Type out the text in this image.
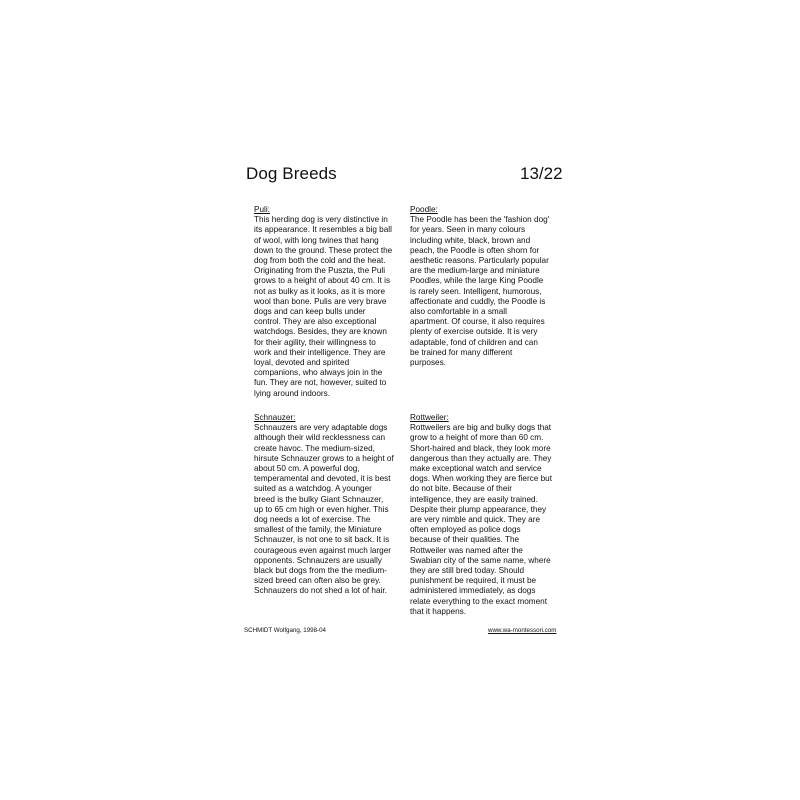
Dog Breeds	13/22
Puli:
This herding dog is very distinctive in
its appearance. It resembles a big ball
of wool, with long twines that hang
down to the ground. These protect the
dog from both the cold and the heat.
Originating from the Puszta, the Puli
grows to a height of about 40 cm. It is
not as bulky as it looks, as it is more
wool than bone. Pulis are very brave
dogs and can keep bulls under
control. They are also exceptional
watchdogs. Besides, they are known
for their agility, their willingness to
work and their intelligence. They are
loyal, devoted and spirited
companions, who always join in the
fun. They are not, however, suited to
lying around indoors.
Poodle:
The Poodle has been the 'fashion dog'
for years. Seen in many colours
including white, black, brown and
peach, the Poodle is often shorn for
aesthetic reasons. Particularly popular
are the medium-large and miniature
Poodles, while the large King Poodle
is rarely seen. Intelligent, humorous,
affectionate and cuddly, the Poodle is
also comfortable in a small
apartment. Of course, it also requires
plenty of exercise outside. It is very
adaptable, fond of children and can
be trained for many different
purposes.
Schnauzer:
Schnauzers are very adaptable dogs
although their wild recklessness can
create havoc. The medium-sized,
hirsute Schnauzer grows to a height of
about 50 cm. A powerful dog,
temperamental and devoted, it is best
suited as a watchdog. A younger
breed is the bulky Giant Schnauzer,
up to 65 cm high or even higher. This
dog needs a lot of exercise. The
smallest of the family, the Miniature
Schnauzer, is not one to sit back. It is
courageous even against much larger
opponents. Schnauzers are usually
black but dogs from the the medium-
sized breed can often also be grey.
Schnauzers do not shed a lot of hair.
Rottweiler:
Rottweilers are big and bulky dogs that
grow to a height of more than 60 cm.
Short-haired and black, they look more
dangerous than they actually are. They
make exceptional watch and service
dogs. When working they are fierce but
do not bite. Because of their
intelligence, they are easily trained.
Despite their plump appearance, they
are very nimble and quick. They are
often employed as police dogs
because of their qualities. The
Rottweiler was named after the
Swabian city of the same name, where
they are still bred today. Should
punishment be required, it must be
administered immediately, as dogs
relate everything to the exact moment
that it happens.
SCHMIDT Wolfgang, 1998-04	www.wa-montessori.com
